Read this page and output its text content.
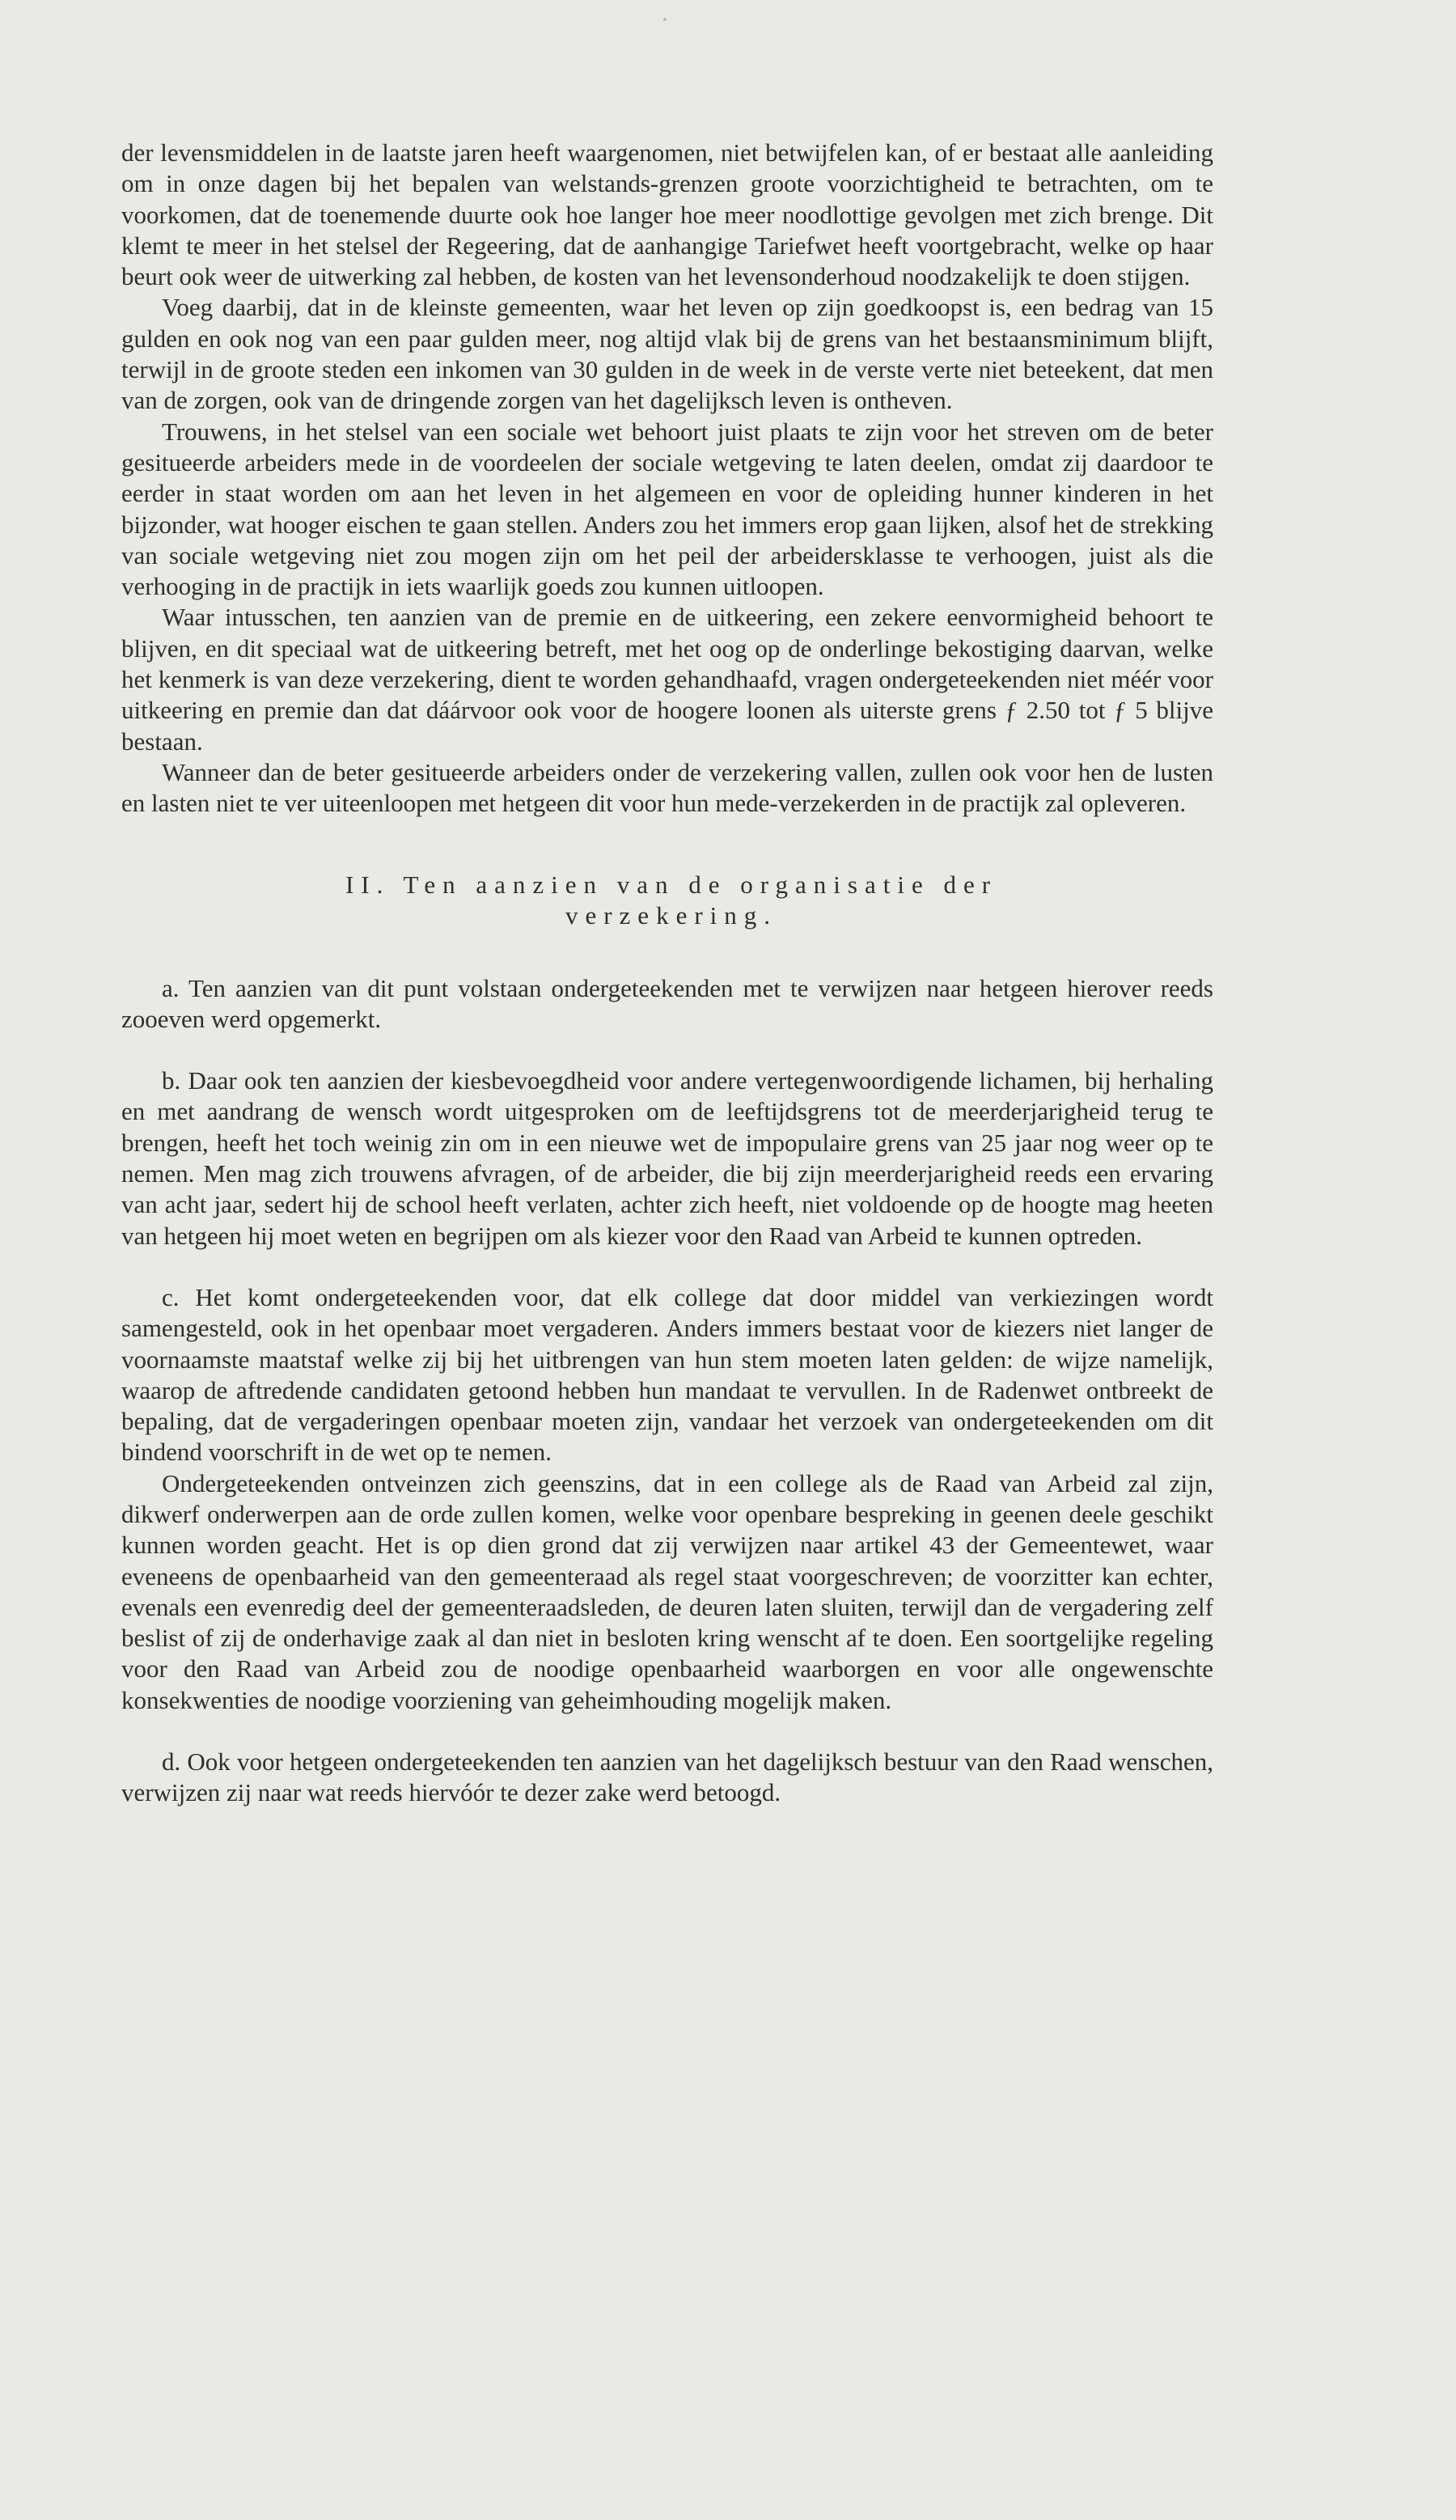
der levensmiddelen in de laatste jaren heeft waargenomen, niet betwijfelen kan, of er bestaat alle aanleiding om in onze dagen bij het bepalen van welstands-grenzen groote voorzichtigheid te betrachten, om te voorkomen, dat de toenemende duurte ook hoe langer hoe meer noodlottige gevolgen met zich brenge. Dit klemt te meer in het stelsel der Regeering, dat de aanhangige Tariefwet heeft voortgebracht, welke op haar beurt ook weer de uitwerking zal hebben, de kosten van het levensonderhoud noodzakelijk te doen stijgen.

Voeg daarbij, dat in de kleinste gemeenten, waar het leven op zijn goedkoopst is, een bedrag van 15 gulden en ook nog van een paar gulden meer, nog altijd vlak bij de grens van het bestaansminimum blijft, terwijl in de groote steden een inkomen van 30 gulden in de week in de verste verte niet beteekent, dat men van de zorgen, ook van de dringende zorgen van het dagelijksch leven is ontheven.

Trouwens, in het stelsel van een sociale wet behoort juist plaats te zijn voor het streven om de beter gesitueerde arbeiders mede in de voordeelen der sociale wetgeving te laten deelen, omdat zij daardoor te eerder in staat worden om aan het leven in het algemeen en voor de opleiding hunner kinderen in het bijzonder, wat hooger eischen te gaan stellen. Anders zou het immers erop gaan lijken, alsof het de strekking van sociale wetgeving niet zou mogen zijn om het peil der arbeidersklasse te verhoogen, juist als die verhooging in de practijk in iets waarlijk goeds zou kunnen uitloopen.

Waar intusschen, ten aanzien van de premie en de uitkeering, een zekere eenvormigheid behoort te blijven, en dit speciaal wat de uitkeering betreft, met het oog op de onderlinge bekostiging daarvan, welke het kenmerk is van deze verzekering, dient te worden gehandhaafd, vragen ondergeteekenden niet méér voor uitkeering en premie dan dat dáárvoor ook voor de hoogere loonen als uiterste grens ƒ 2.50 tot ƒ 5 blijve bestaan.

Wanneer dan de beter gesitueerde arbeiders onder de verzekering vallen, zullen ook voor hen de lusten en lasten niet te ver uiteenloopen met hetgeen dit voor hun mede-verzekerden in de practijk zal opleveren.

II. Ten aanzien van de organisatie der verzekering.

a. Ten aanzien van dit punt volstaan ondergeteekenden met te verwijzen naar hetgeen hierover reeds zooeven werd opgemerkt.

b. Daar ook ten aanzien der kiesbevoegdheid voor andere vertegenwoordigende lichamen, bij herhaling en met aandrang de wensch wordt uitgesproken om de leeftijdsgrens tot de meerderjarigheid terug te brengen, heeft het toch weinig zin om in een nieuwe wet de impopulaire grens van 25 jaar nog weer op te nemen. Men mag zich trouwens afvragen, of de arbeider, die bij zijn meerderjarigheid reeds een ervaring van acht jaar, sedert hij de school heeft verlaten, achter zich heeft, niet voldoende op de hoogte mag heeten van hetgeen hij moet weten en begrijpen om als kiezer voor den Raad van Arbeid te kunnen optreden.

c. Het komt ondergeteekenden voor, dat elk college dat door middel van verkiezingen wordt samengesteld, ook in het openbaar moet vergaderen. Anders immers bestaat voor de kiezers niet langer de voornaamste maatstaf welke zij bij het uitbrengen van hun stem moeten laten gelden: de wijze namelijk, waarop de aftredende candidaten getoond hebben hun mandaat te vervullen. In de Radenwet ontbreekt de bepaling, dat de vergaderingen openbaar moeten zijn, vandaar het verzoek van ondergeteekenden om dit bindend voorschrift in de wet op te nemen.

Ondergeteekenden ontveinzen zich geenszins, dat in een college als de Raad van Arbeid zal zijn, dikwerf onderwerpen aan de orde zullen komen, welke voor openbare bespreking in geenen deele geschikt kunnen worden geacht. Het is op dien grond dat zij verwijzen naar artikel 43 der Gemeentewet, waar eveneens de openbaarheid van den gemeenteraad als regel staat voorgeschreven; de voorzitter kan echter, evenals een evenredig deel der gemeenteraadsleden, de deuren laten sluiten, terwijl dan de vergadering zelf beslist of zij de onderhavige zaak al dan niet in besloten kring wenscht af te doen. Een soortgelijke regeling voor den Raad van Arbeid zou de noodige openbaarheid waarborgen en voor alle ongewenschte konsekwenties de noodige voorziening van geheimhouding mogelijk maken.

d. Ook voor hetgeen ondergeteekenden ten aanzien van het dagelijksch bestuur van den Raad wenschen, verwijzen zij naar wat reeds hiervóór te dezer zake werd betoogd.
